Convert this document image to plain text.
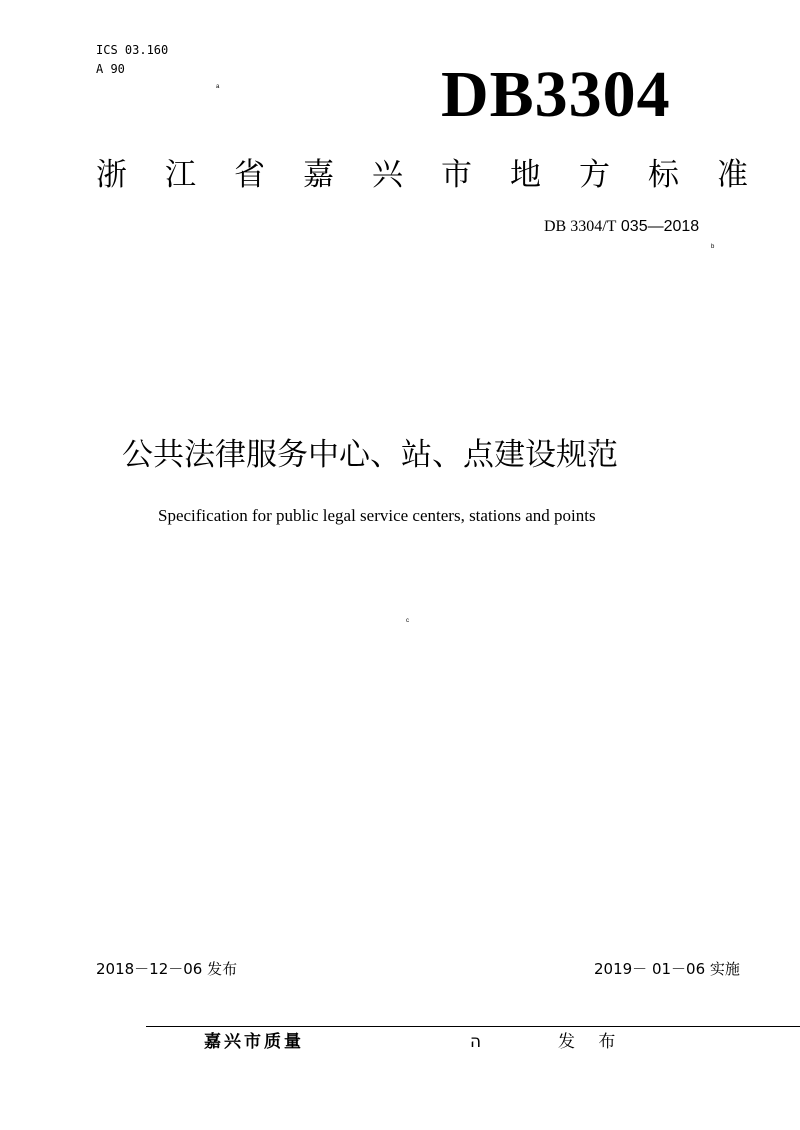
ICS 03.160
A 90
a	DB3304
浙 江 省 嘉 兴 市 地 方 标 准
DB 3304/T 035—2018
b
公共法律服务中心、站、点建设规范
Specification for public legal service centers, stations and points
c
2018－12－06 发布	2019－ 01－06 实施
嘉兴市质量	ה	发 布
